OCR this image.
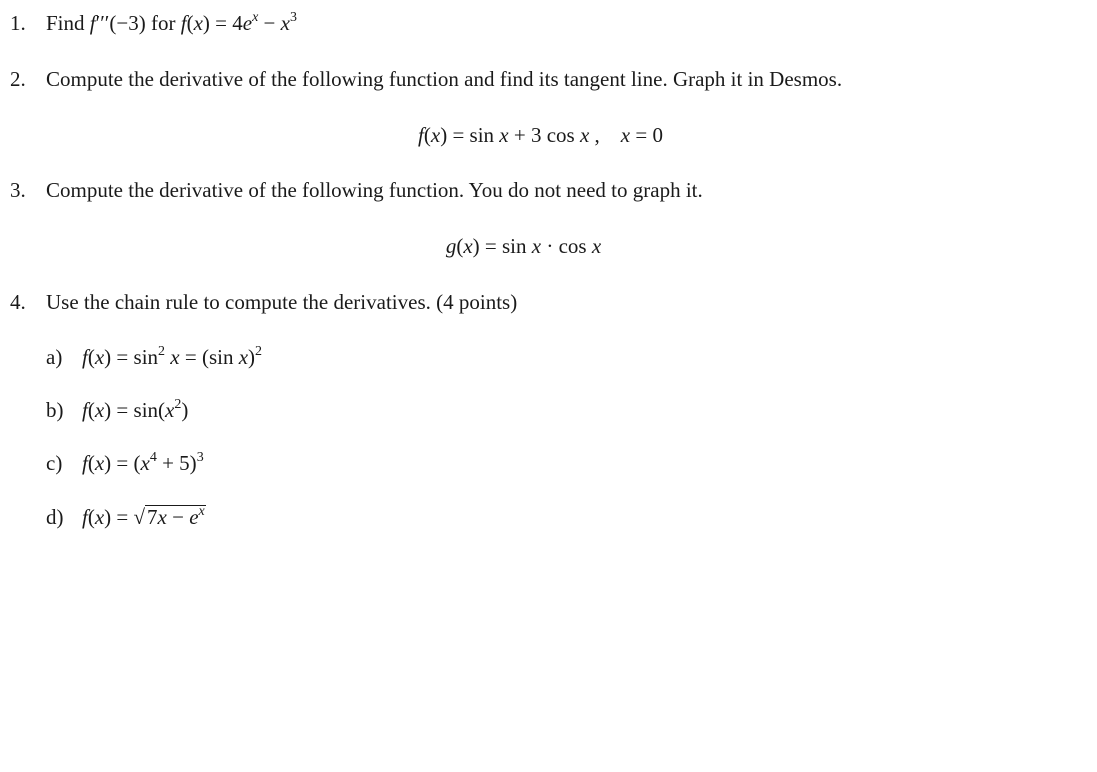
1. Find f′′′(−3) for $f(x) = 4e^x - x^3$
2. Compute the derivative of the following function and find its tangent line. Graph it in Desmos.
f(x) = sin x + 3 cos x ,    x = 0
3. Compute the derivative of the following function. You do not need to graph it.
g(x) = sin x · cos x
4. Use the chain rule to compute the derivatives. (4 points)
a) $f(x) = \sin^2 x = (\sin$ x)$^2$
b) $f(x) = \sin(x^2)$
c) $f(x) = (x^4 + 5)^3$
d) $f(x) = √7x - e^x$
